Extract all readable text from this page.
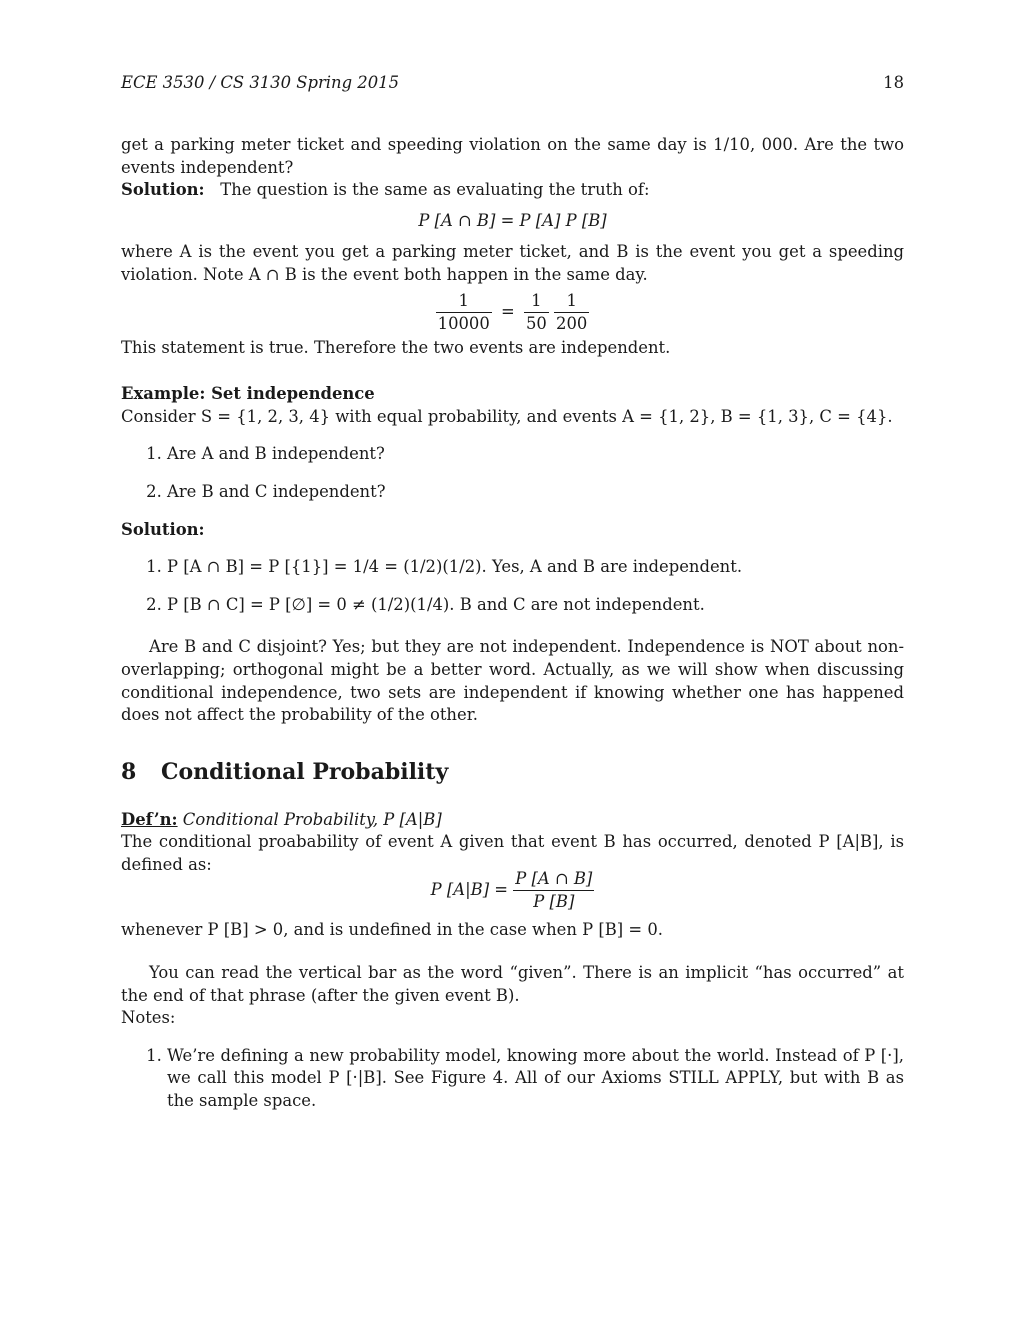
ECE 3530 / CS 3130 Spring 2015	18

get a parking meter ticket and speeding violation on the same day is 1/10, 000. Are the two events independent?

Solution: The question is the same as evaluating the truth of:

P [A ∩ B] = P [A] P [B]

where A is the event you get a parking meter ticket, and B is the event you get a speeding violation. Note A ∩ B is the event both happen in the same day.

$\frac{1}{10000} = \frac{1}{50}$
$\frac{1}{200}$

This statement is true. Therefore the two events are independent.

Example: Set independence

Consider S = {1, 2, 3, 4} with equal probability, and events A = {1, 2}, B = {1, 3}, C = {4}.

1. Are A and B independent?
2. Are B and C independent?

Solution:

1. P [A ∩ B] = P [{1}] = 1/4 = (1/2)(1/2). Yes, A and B are independent.
2. P [B ∩ C] = P [∅] = 0 ≠ (1/2)(1/4). B and C are not independent.

Are B and C disjoint? Yes; but they are not independent. Independence is NOT about non-overlapping; orthogonal might be a better word. Actually, as we will show when discussing conditional independence, two sets are independent if knowing whether one has happened does not affect the probability of the other.

8 Conditional Probability

Def’n: Conditional Probability, P [A|B]

The conditional proabability of event A given that event B has occurred, denoted P [A|B], is defined as:

P $[A|B] = \frac{P [A \cap B]}{P [B]}$

whenever P [B] > 0, and is undefined in the case when P [B] = 0.

You can read the vertical bar as the word “given”. There is an implicit “has occurred” at the end of that phrase (after the given event B).

Notes:

1. We’re defining a new probability model, knowing more about the world. Instead of P [·], we call this model P [·|B]. See Figure 4. All of our Axioms STILL APPLY, but with B as the sample space.
